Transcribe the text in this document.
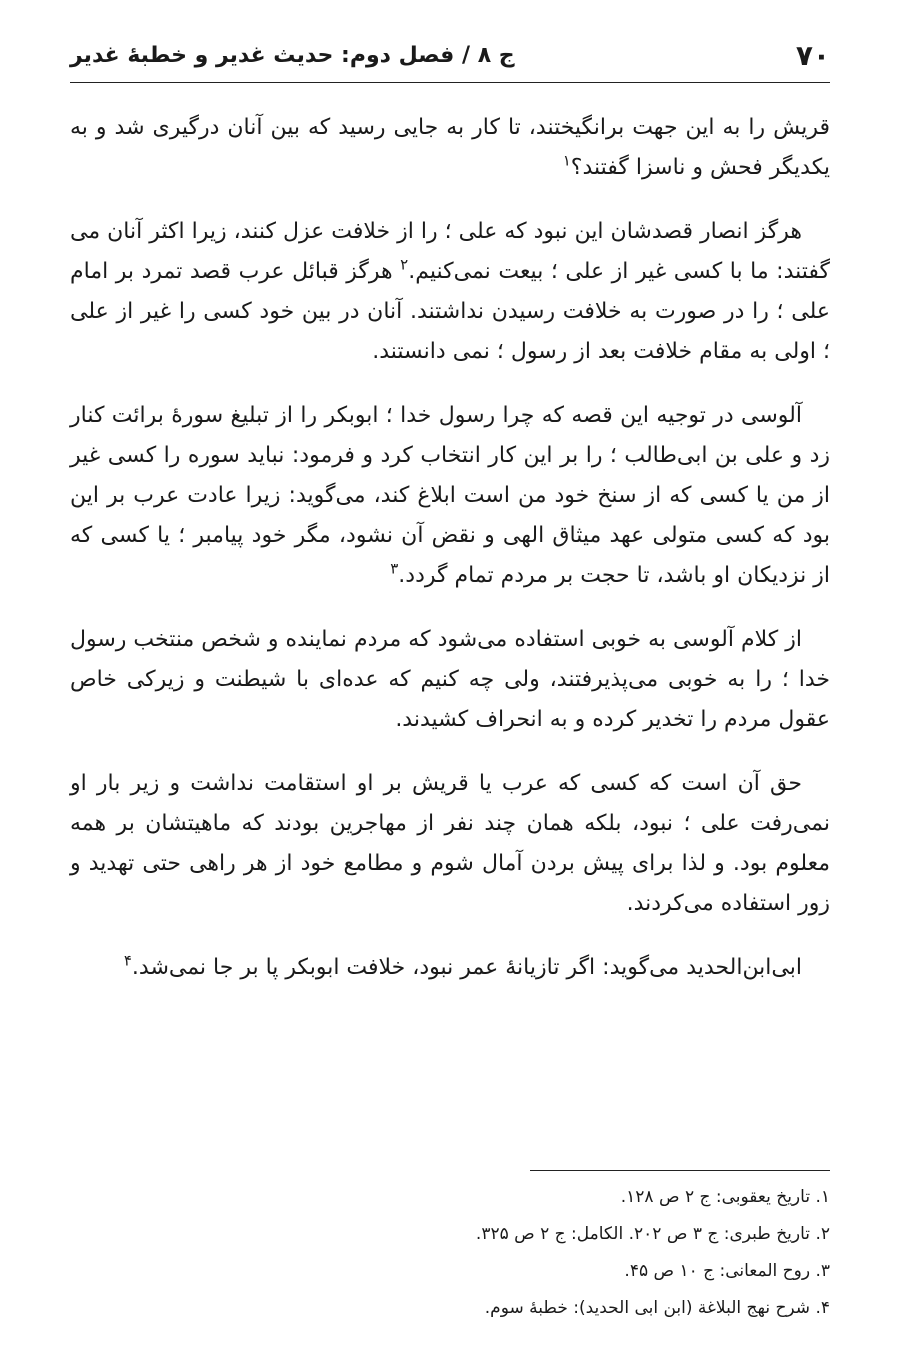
۷۰
ج ۸ / فصل دوم: حدیث غدیر و خطبهٔ غدیر

قریش را به این جهت برانگیختند، تا کار به جایی رسید که بین آنان درگیری شد و به یکدیگر فحش و ناسزا گفتند؟$^۱$

هرگز انصار قصدشان این نبود که علی ؛ را از خلافت عزل کنند، زیرا اکثر آنان می گفتند: ما با کسی غیر از علی ؛ بیعت نمی‌کنیم.$^۲$ هرگز قبائل عرب قصد تمرد بر امام علی ؛ را در صورت به خلافت رسیدن نداشتند. آنان در بین خود کسی را غیر از علی ؛ اولی به مقام خلافت بعد از رسول ؛ نمی دانستند.

آلوسی در توجیه این قصه که چرا رسول خدا ؛ ابوبکر را از تبلیغ سورهٔ برائت کنار زد و علی بن ابی‌طالب ؛ را بر این کار انتخاب کرد و فرمود: نباید سوره را کسی غیر از من یا کسی که از سنخ خود من است ابلاغ کند، می‌گوید: زیرا عادت عرب بر این بود که کسی متولی عهد میثاق الهی و نقض آن نشود، مگر خود پیامبر ؛ یا کسی که از نزدیکان او باشد، تا حجت بر مردم تمام گردد.$^۳$

از کلام آلوسی به خوبی استفاده می‌شود که مردم نماینده و شخص منتخب رسول خدا ؛ را به خوبی می‌پذیرفتند، ولی چه کنیم که عده‌ای با شیطنت و زیرکی خاص عقول مردم را تخدیر کرده و به انحراف کشیدند.

حق آن است که کسی که عرب یا قریش بر او استقامت نداشت و زیر بار او نمی‌رفت علی ؛ نبود، بلکه همان چند نفر از مهاجرین بودند که ماهیتشان بر همه معلوم بود. و لذا برای پیش بردن آمال شوم و مطامع خود از هر راهی حتی تهدید و زور استفاده می‌کردند.

ابی‌ابن‌الحدید می‌گوید: اگر تازیانهٔ عمر نبود، خلافت ابوبکر پا بر جا نمی‌شد.$^۴$

۱. تاریخ یعقوبی: ج ۲ ص ۱۲۸.

۲. تاریخ طبری: ج ۳ ص ۲۰۲. الکامل: ج ۲ ص ۳۲۵.

۳. روح المعانی: ج ۱۰ ص ۴۵.

۴. شرح نهج البلاغة (ابن ابی الحدید): خطبهٔ سوم.
